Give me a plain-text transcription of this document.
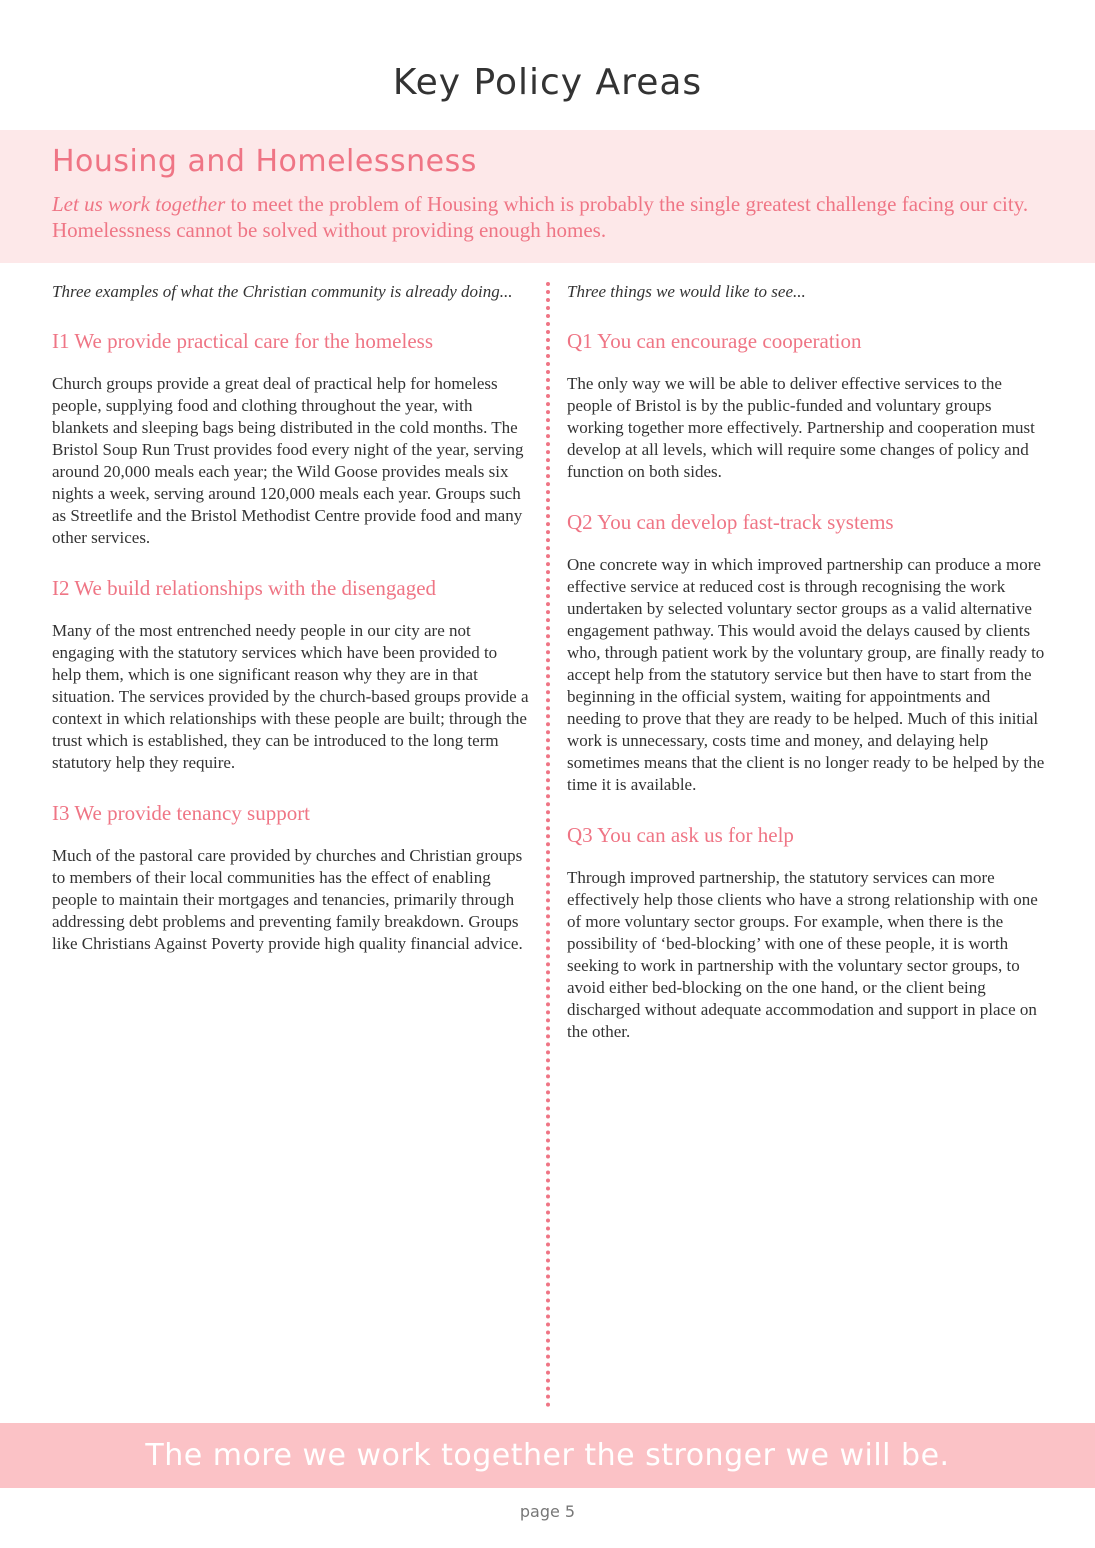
Key Policy Areas
Housing and Homelessness

Let us work together to meet the problem of Housing which is probably the single greatest challenge facing our city. Homelessness cannot be solved without providing enough homes.

Three examples of what the Christian community is already doing...

I1 We provide practical care for the homeless

Church groups provide a great deal of practical help for homeless people, supplying food and clothing throughout the year, with blankets and sleeping bags being distributed in the cold months. The Bristol Soup Run Trust provides food every night of the year, serving around 20,000 meals each year; the Wild Goose provides meals six nights a week, serving around 120,000 meals each year. Groups such as Streetlife and the Bristol Methodist Centre provide food and many other services.

I2 We build relationships with the disengaged

Many of the most entrenched needy people in our city are not engaging with the statutory services which have been provided to help them, which is one significant reason why they are in that situation. The services provided by the church-based groups provide a context in which relationships with these people are built; through the trust which is established, they can be introduced to the long term statutory help they require.

I3 We provide tenancy support

Much of the pastoral care provided by churches and Christian groups to members of their local communities has the effect of enabling people to maintain their mortgages and tenancies, primarily through addressing debt problems and preventing family breakdown. Groups like Christians Against Poverty provide high quality financial advice.

Three things we would like to see...

Q1 You can encourage cooperation

The only way we will be able to deliver effective services to the people of Bristol is by the public-funded and voluntary groups working together more effectively. Partnership and cooperation must develop at all levels, which will require some changes of policy and function on both sides.

Q2 You can develop fast-track systems

One concrete way in which improved partnership can produce a more effective service at reduced cost is through recognising the work undertaken by selected voluntary sector groups as a valid alternative engagement pathway. This would avoid the delays caused by clients who, through patient work by the voluntary group, are finally ready to accept help from the statutory service but then have to start from the beginning in the official system, waiting for appointments and needing to prove that they are ready to be helped. Much of this initial work is unnecessary, costs time and money, and delaying help sometimes means that the client is no longer ready to be helped by the time it is available.

Q3 You can ask us for help

Through improved partnership, the statutory services can more effectively help those clients who have a strong relationship with one of more voluntary sector groups. For example, when there is the possibility of ‘bed-blocking’ with one of these people, it is worth seeking to work in partnership with the voluntary sector groups, to avoid either bed-blocking on the one hand, or the client being discharged without adequate accommodation and support in place on the other.

The more we work together the stronger we will be.
page 5
